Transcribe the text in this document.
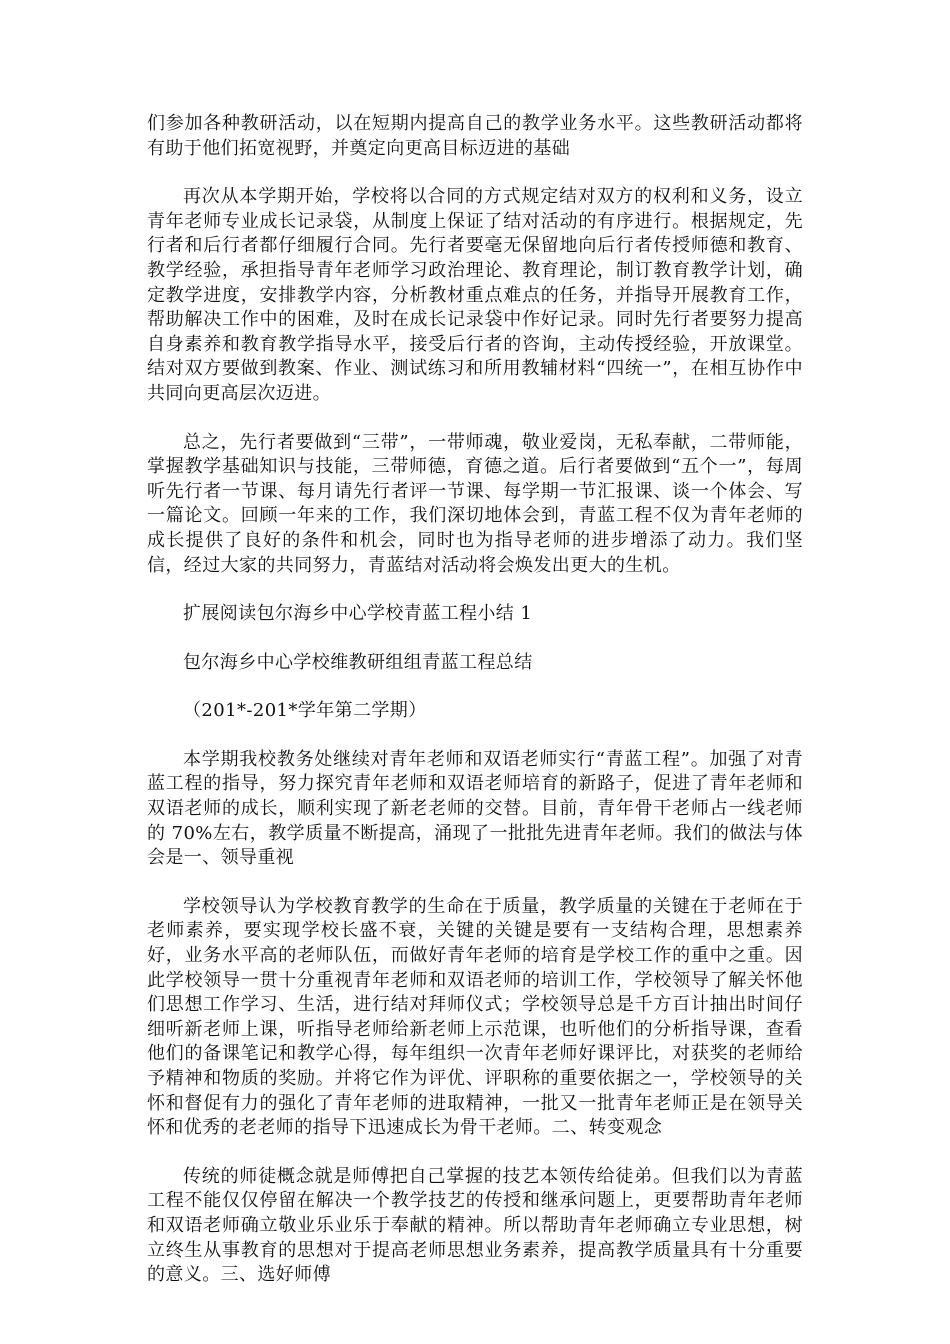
们参加各种教研活动，以在短期内提高自己的教学业务水平。这些教研活动都将有助于他们拓宽视野，并奠定向更高目标迈进的基础

再次从本学期开始，学校将以合同的方式规定结对双方的权利和义务，设立青年老师专业成长记录袋，从制度上保证了结对活动的有序进行。根据规定，先行者和后行者都仔细履行合同。先行者要毫无保留地向后行者传授师德和教育、教学经验，承担指导青年老师学习政治理论、教育理论，制订教育教学计划，确定教学进度，安排教学内容，分析教材重点难点的任务，并指导开展教育工作，帮助解决工作中的困难，及时在成长记录袋中作好记录。同时先行者要努力提高自身素养和教育教学指导水平，接受后行者的咨询，主动传授经验，开放课堂。结对双方要做到教案、作业、测试练习和所用教辅材料“四统一”，在相互协作中共同向更高层次迈进。

总之，先行者要做到“三带”，一带师魂，敬业爱岗，无私奉献，二带师能，掌握教学基础知识与技能，三带师德，育德之道。后行者要做到“五个一”，每周听先行者一节课、每月请先行者评一节课、每学期一节汇报课、谈一个体会、写一篇论文。回顾一年来的工作，我们深切地体会到，青蓝工程不仅为青年老师的成长提供了良好的条件和机会，同时也为指导老师的进步增添了动力。我们坚信，经过大家的共同努力，青蓝结对活动将会焕发出更大的生机。

扩展阅读包尔海乡中心学校青蓝工程小结 1

包尔海乡中心学校维教研组组青蓝工程总结

（201*-201*学年第二学期）

本学期我校教务处继续对青年老师和双语老师实行“青蓝工程”。加强了对青蓝工程的指导，努力探究青年老师和双语老师培育的新路子，促进了青年老师和双语老师的成长，顺利实现了新老老师的交替。目前，青年骨干老师占一线老师的 70%左右，教学质量不断提高，涌现了一批批先进青年老师。我们的做法与体会是一、领导重视

学校领导认为学校教育教学的生命在于质量，教学质量的关键在于老师在于老师素养，要实现学校长盛不衰，关键的关键是要有一支结构合理，思想素养好，业务水平高的老师队伍，而做好青年老师的培育是学校工作的重中之重。因此学校领导一贯十分重视青年老师和双语老师的培训工作，学校领导了解关怀他们思想工作学习、生活，进行结对拜师仪式；学校领导总是千方百计抽出时间仔细听新老师上课，听指导老师给新老师上示范课，也听他们的分析指导课，查看他们的备课笔记和教学心得，每年组织一次青年老师好课评比，对获奖的老师给予精神和物质的奖励。并将它作为评优、评职称的重要依据之一，学校领导的关怀和督促有力的强化了青年老师的进取精神，一批又一批青年老师正是在领导关怀和优秀的老老师的指导下迅速成长为骨干老师。二、转变观念

传统的师徒概念就是师傅把自己掌握的技艺本领传给徒弟。但我们以为青蓝工程不能仅仅停留在解决一个教学技艺的传授和继承问题上，更要帮助青年老师和双语老师确立敬业乐业乐于奉献的精神。所以帮助青年老师确立专业思想，树立终生从事教育的思想对于提高老师思想业务素养，提高教学质量具有十分重要的意义。三、选好师傅
